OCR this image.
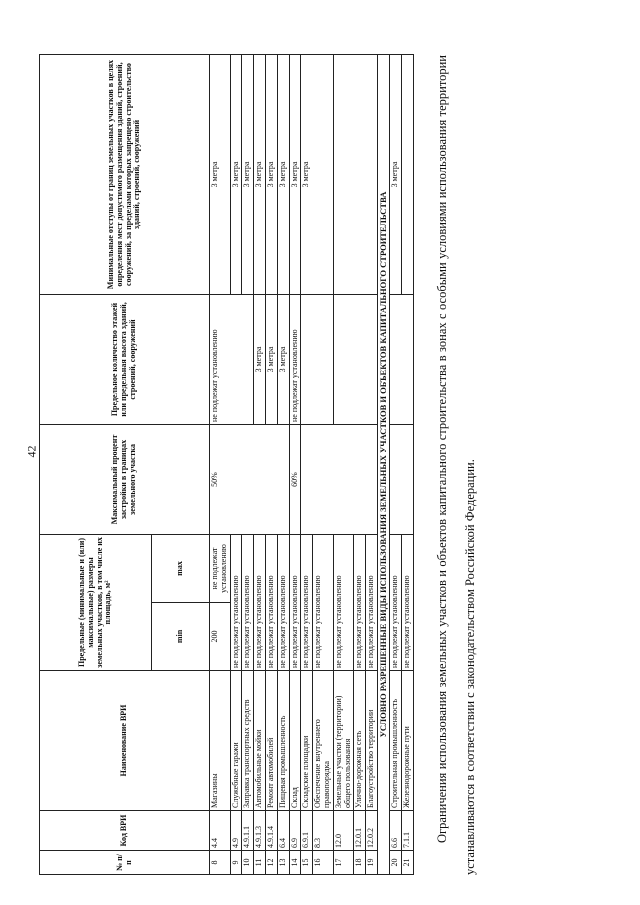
42
№ п/п	Код ВРИ	Наименование ВРИ	Предельные (минимальные и (или) максимальные) размеры земельных участков, в том числе их площадь, м²		Максимальный процент застройки в границах земельного участка	Предельное количество этажей или предельная высота зданий, строений, сооружений	Минимальные отступы от границ земельных участков в целях определения мест допустимого размещения зданий, строений, сооружений, за пределами которых запрещено строительство зданий, строений, сооружений
			min	max			
8	4.4	Магазины	200	не подлежат установлению	50%	не подлежат установлению	3 метра
9	4.9	Служебные гаражи	не подлежат установлению				3 метра
10	4.9.1.1	Заправка транспортных средств	не подлежат установлению				3 метра
11	4.9.1.3	Автомобильные мойки	не подлежат установлению			3 метра	3 метра
12	4.9.1.4	Ремонт автомобилей	не подлежат установлению			3 метра	3 метра
13	6.4	Пищевая промышленность	не подлежат установлению			3 метра	3 метра
14	6.9	Склад	не подлежат установлению		60%	не подлежат установлению	3 метра
15	6.9.1	Складские площадки	не подлежат установлению				3 метра
16	8.3	Обеспечение внутреннего правопорядка	не подлежат установлению				
17	12.0	Земельные участки (территории) общего пользования	не подлежат установлению				
18	12.0.1	Улично-дорожная сеть	не подлежат установлению				
19	12.0.2	Благоустройство территории	не подлежат установлению				
УСЛОВНО РАЗРЕШЕННЫЕ ВИДЫ ИСПОЛЬЗОВАНИЯ ЗЕМЕЛЬНЫХ УЧАСТКОВ И ОБЪЕКТОВ КАПИТАЛЬНОГО СТРОИТЕЛЬСТВА							
20	6.6	Строительная промышленность	не подлежат установлению				3 метра
21	7.1.1	Железнодорожные пути	не подлежат установлению					Ограничения использования земельных участков и объектов капитального строительства в зонах с особыми условиями использования территории устанавливаются в соответствии с законодательством Российской Федерации.
